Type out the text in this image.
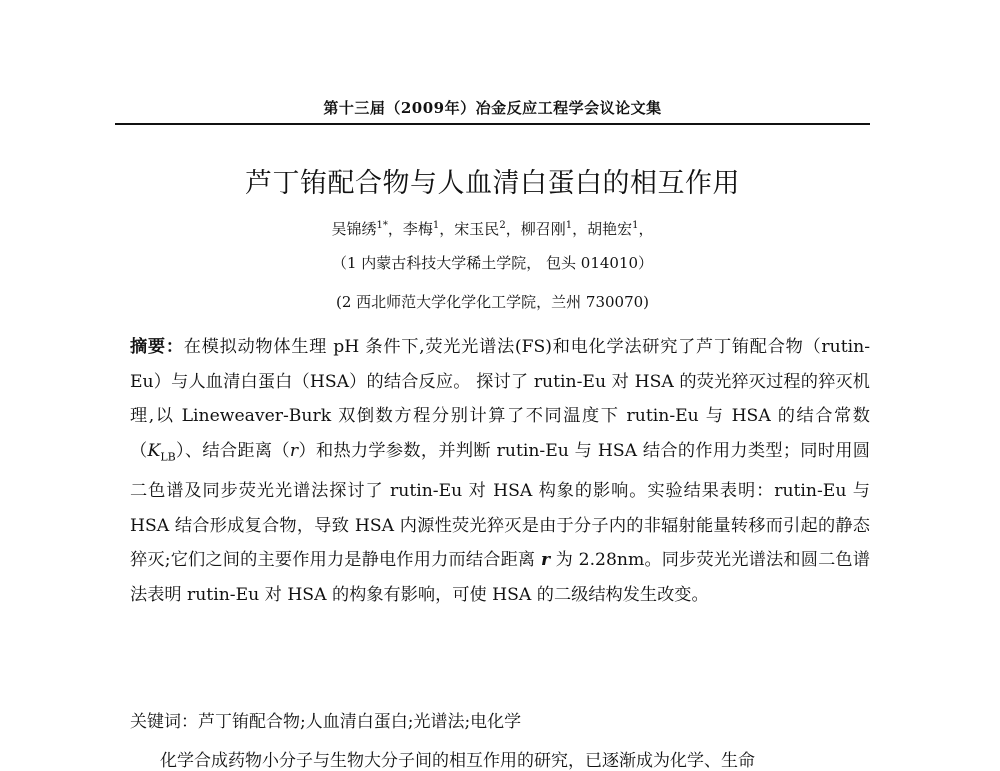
第十三届（2009年）冶金反应工程学会议论文集
芦丁铕配合物与人血清白蛋白的相互作用
吴锦绣$^{1*}$，李梅$^1$，宋玉民$^2$，柳召刚$^1$，胡艳宏$^1$，
（1 内蒙古科技大学稀土学院， 包头 014010）
(2 西北师范大学化学化工学院，兰州 730070)
摘要：在模拟动物体生理 pH 条件下,荧光光谱法(FS)和电化学法研究了芦丁铕配合物（rutin-Eu）与人血清白蛋白（HSA）的结合反应。 探讨了 rutin-Eu 对 HSA 的荧光猝灭过程的猝灭机理,以 Lineweaver-Burk 双倒数方程分别计算了不同温度下 rutin-Eu 与 HSA 的结合常数$(K_{LB})$、结合距离（r）和热力学参数，并判断 rutin-Eu 与 HSA 结合的作用力类型；同时用圆二色谱及同步荧光光谱法探讨了 rutin-Eu 对 HSA 构象的影响。实验结果表明：rutin-Eu 与 HSA 结合形成复合物，导致 HSA 内源性荧光猝灭是由于分子内的非辐射能量转移而引起的静态猝灭;它们之间的主要作用力是静电作用力而结合距离 r 为 2.28nm。同步荧光光谱法和圆二色谱法表明 rutin-Eu 对 HSA 的构象有影响，可使 HSA 的二级结构发生改变。
关键词：芦丁铕配合物;人血清白蛋白;光谱法;电化学
化学合成药物小分子与生物大分子间的相互作用的研究，已逐渐成为化学、生命
